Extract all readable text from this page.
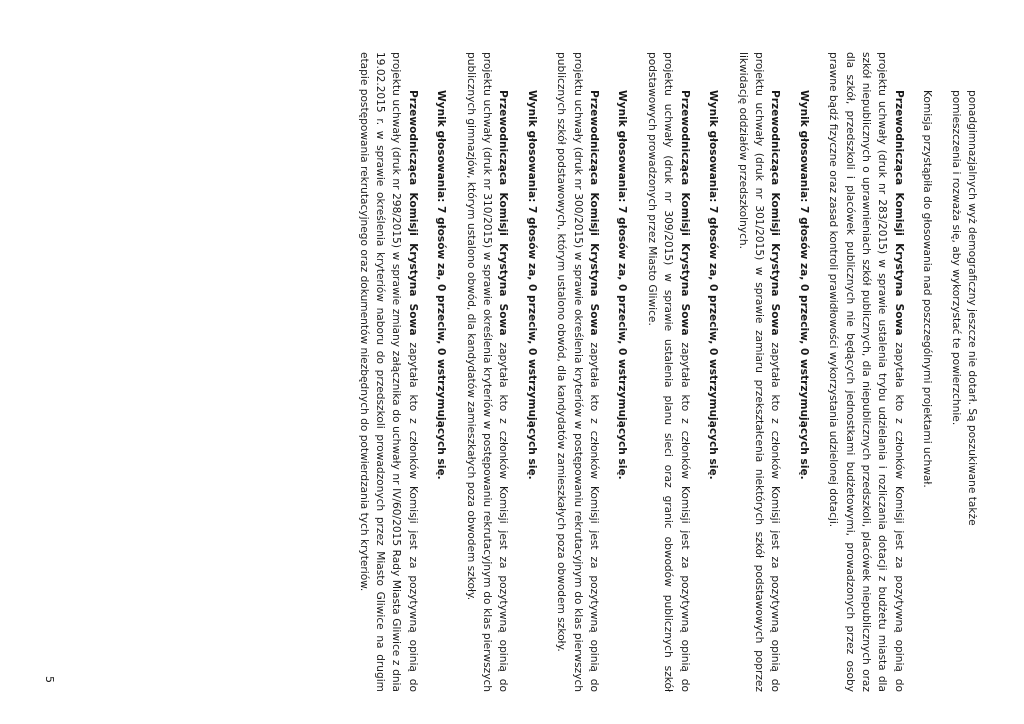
ponadgimnazjalnych wyż demograficzny jeszcze nie dotarł. Są poszukiwane także

pomieszczenia i rozważa się, aby wykorzystać te powierzchnie.

Komisja przystąpiła do głosowania nad poszczególnymi projektami uchwał.

Przewodnicząca Komisji Krystyna Sowa zapytała kto z członków Komisji jest za pozytywną opinią do projektu uchwały (druk nr 283/2015) w sprawie ustalenia trybu udzielania i rozliczania dotacji z budżetu miasta dla szkół niepublicznych o uprawnieniach szkół publicznych, dla niepublicznych przedszkoli, placówek niepublicznych oraz dla szkół, przedszkoli i placówek publicznych nie będących jednostkami budżetowymi, prowadzonych przez osoby prawne bądź fizyczne oraz zasad kontroli prawidłowości wykorzystania udzielonej dotacji.

Wynik głosowania: 7 głosów za, 0 przeciw, 0 wstrzymujących się.

Przewodnicząca Komisji Krystyna Sowa zapytała kto z członków Komisji jest za pozytywną opinią do projektu uchwały (druk nr 301/2015) w sprawie zamiaru przekształcenia niektórych szkół podstawowych poprzez likwidację oddziałów przedszkolnych.

Wynik głosowania: 7 głosów za, 0 przeciw, 0 wstrzymujących się.

Przewodnicząca Komisji Krystyna Sowa zapytała kto z członków Komisji jest za pozytywną opinią do projektu uchwały (druk nr 309/2015) w sprawie ustalenia planu sieci oraz granic obwodów publicznych szkół podstawowych prowadzonych przez Miasto Gliwice.

Wynik głosowania: 7 głosów za, 0 przeciw, 0 wstrzymujących się.

Przewodnicząca Komisji Krystyna Sowa zapytała kto z członków Komisji jest za pozytywną opinią do projektu uchwały (druk nr 300/2015) w sprawie określenia kryteriów w postępowaniu rekrutacyjnym do klas pierwszych publicznych szkół podstawowych, którym ustalono obwód, dla kandydatów zamieszkałych poza obwodem szkoły.

Wynik głosowania: 7 głosów za, 0 przeciw, 0 wstrzymujących się.

Przewodnicząca Komisji Krystyna Sowa zapytała kto z członków Komisji jest za pozytywną opinią do projektu uchwały (druk nr 310/2015) w sprawie określenia kryteriów w postępowaniu rekrutacyjnym do klas pierwszych publicznych gimnazjów, którym ustalono obwód, dla kandydatów zamieszkałych poza obwodem szkoły.

Wynik głosowania: 7 głosów za, 0 przeciw, 0 wstrzymujących się.

Przewodnicząca Komisji Krystyna Sowa zapytała kto z członków Komisji jest za pozytywną opinią do projektu uchwały (druk nr 298/2015) w sprawie zmiany załącznika do uchwały nr IV/60/2015 Rady Miasta Gliwice z dnia 19.02.2015 r. w sprawie określenia kryteriów naboru do przedszkoli prowadzonych przez Miasto Gliwice na drugim etapie postępowania rekrutacyjnego oraz dokumentów niezbędnych do potwierdzania tych kryteriów.

5
